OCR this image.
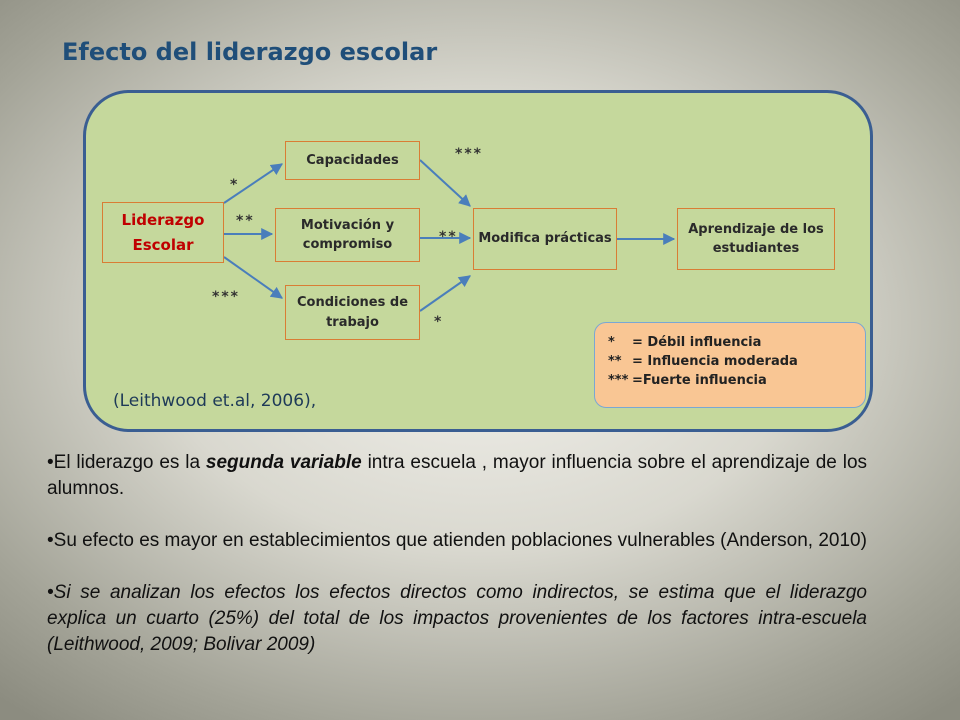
Efecto del liderazgo escolar
Liderazgo Escolar
Capacidades
Motivación y compromiso
Condiciones de trabajo
Modifica prácticas
Aprendizaje de los estudiantes
*
**
***
***
**
*
* = Débil influencia
** = Influencia moderada
*** =Fuerte influencia
(Leithwood et.al, 2006),

•El liderazgo es la segunda variable intra escuela , mayor influencia sobre el aprendizaje de los alumnos.

•Su efecto es mayor en establecimientos que atienden poblaciones vulnerables (Anderson, 2010)

•Si se analizan los efectos los efectos directos como indirectos, se estima que el liderazgo explica un cuarto (25%) del total de los impactos provenientes de los factores intra-escuela (Leithwood, 2009; Bolivar 2009)
